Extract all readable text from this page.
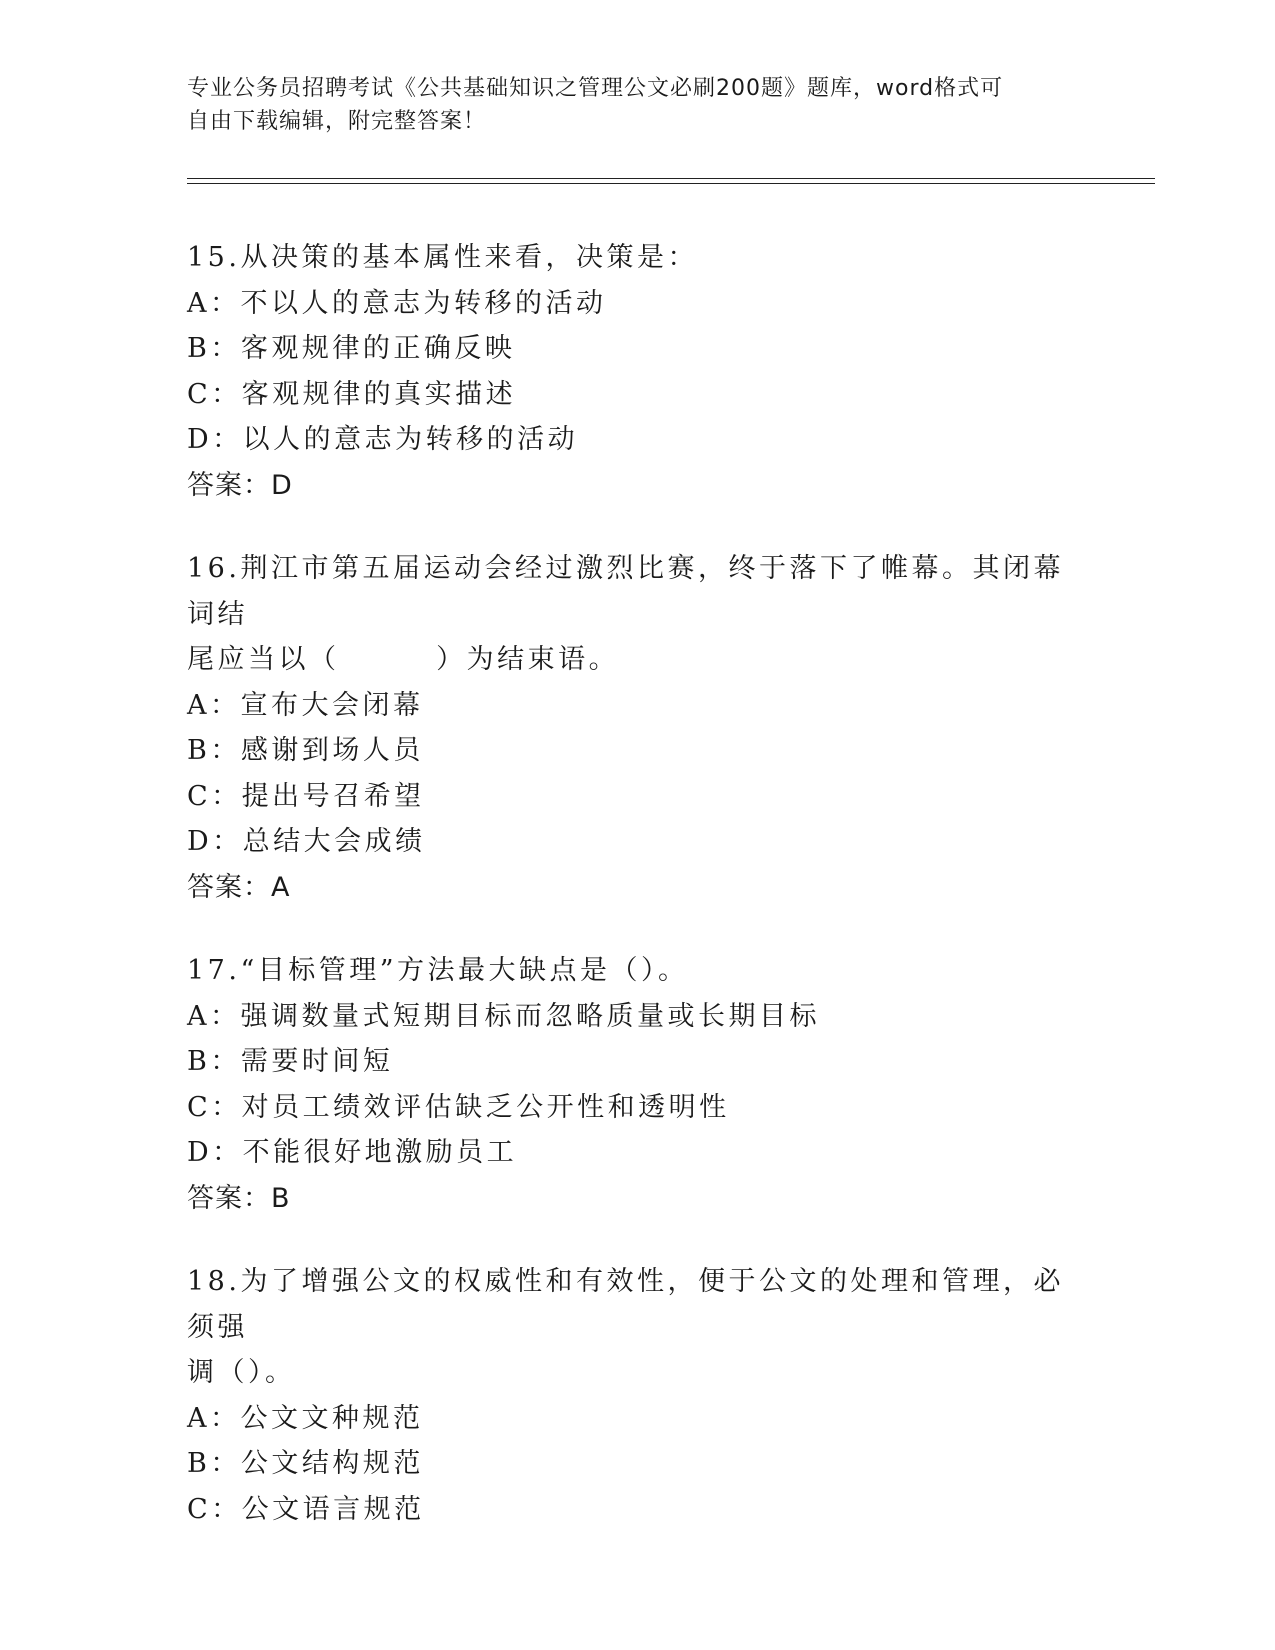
专业公务员招聘考试《公共基础知识之管理公文必刷200题》题库，word格式可
自由下载编辑，附完整答案！
15.从决策的基本属性来看，决策是：
A：不以人的意志为转移的活动
B：客观规律的正确反映
C：客观规律的真实描述
D：以人的意志为转移的活动
答案：D
16.荆江市第五届运动会经过激烈比赛，终于落下了帷幕。其闭幕词结
尾应当以（        ）为结束语。
A：宣布大会闭幕
B：感谢到场人员
C：提出号召希望
D：总结大会成绩
答案：A
17.“目标管理”方法最大缺点是（）。
A：强调数量式短期目标而忽略质量或长期目标
B：需要时间短
C：对员工绩效评估缺乏公开性和透明性
D：不能很好地激励员工
答案：B
18.为了增强公文的权威性和有效性，便于公文的处理和管理，必须强
调（）。
A：公文文种规范
B：公文结构规范
C：公文语言规范
